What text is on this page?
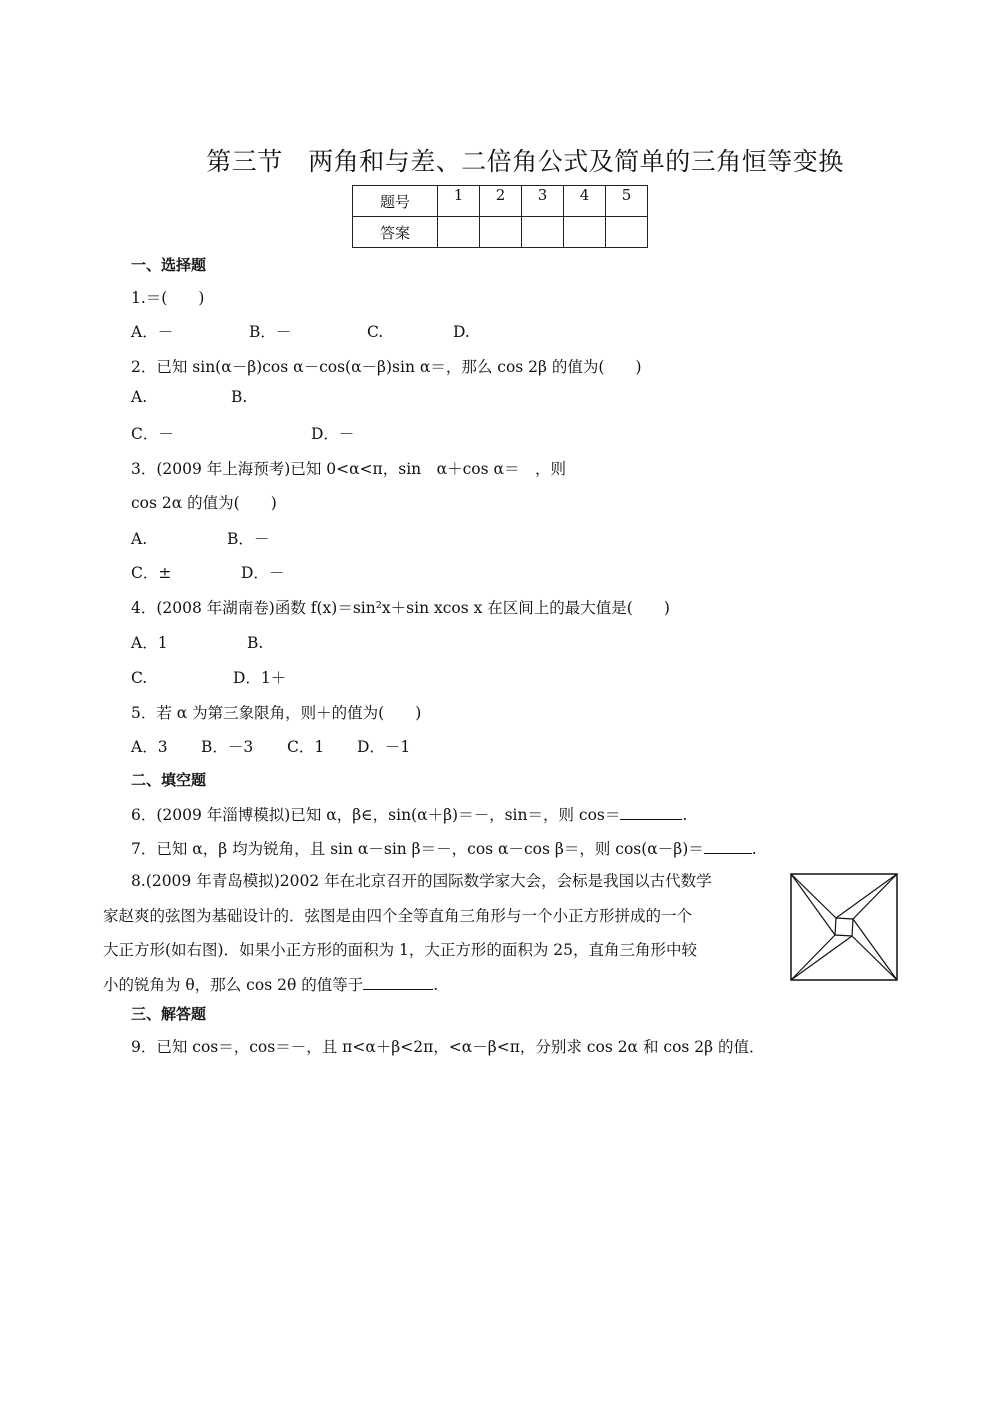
第三节　两角和与差、二倍角公式及简单的三角恒等变换
题号	1	2	3	4	5
答案					
一、选择题
1.＝(　　)
A．－	B．－	C.	D.
2．已知 sin(α－β)cos α－cos(α－β)sin α＝，那么 cos 2β 的值为(　　)
A.	B.
C．－	D．－
3．(2009 年上海预考)已知 0<α<π，sin　α＋cos α＝　，则
cos 2α 的值为(　　)
A.	B．－
C．±	D．－
4．(2008 年湖南卷)函数 f(x)＝sin²x＋sin xcos x 在区间上的最大值是(　　)
A．1	B.
C.	D．1＋
5．若 α 为第三象限角，则＋的值为(　　)
A．3 B．－3 C．1 D．－1
二、填空题
6．(2009 年淄博模拟)已知 α，β∈，sin(α＋β)＝－，sin＝，则 cos＝	.
7．已知 α，β 均为锐角，且 sin α－sin β＝－，cos α－cos β＝，则 cos(α－β)＝	.
8.(2009 年青岛模拟)2002 年在北京召开的国际数学家大会，会标是我国以古代数学
家赵爽的弦图为基础设计的．弦图是由四个全等直角三角形与一个小正方形拼成的一个
大正方形(如右图)．如果小正方形的面积为 1，大正方形的面积为 25，直角三角形中较
小的锐角为 θ，那么 cos 2θ 的值等于	.
三、解答题
9．已知 cos＝，cos＝－，且 π<α＋β<2π，<α－β<π，分别求 cos 2α 和 cos 2β 的值．
